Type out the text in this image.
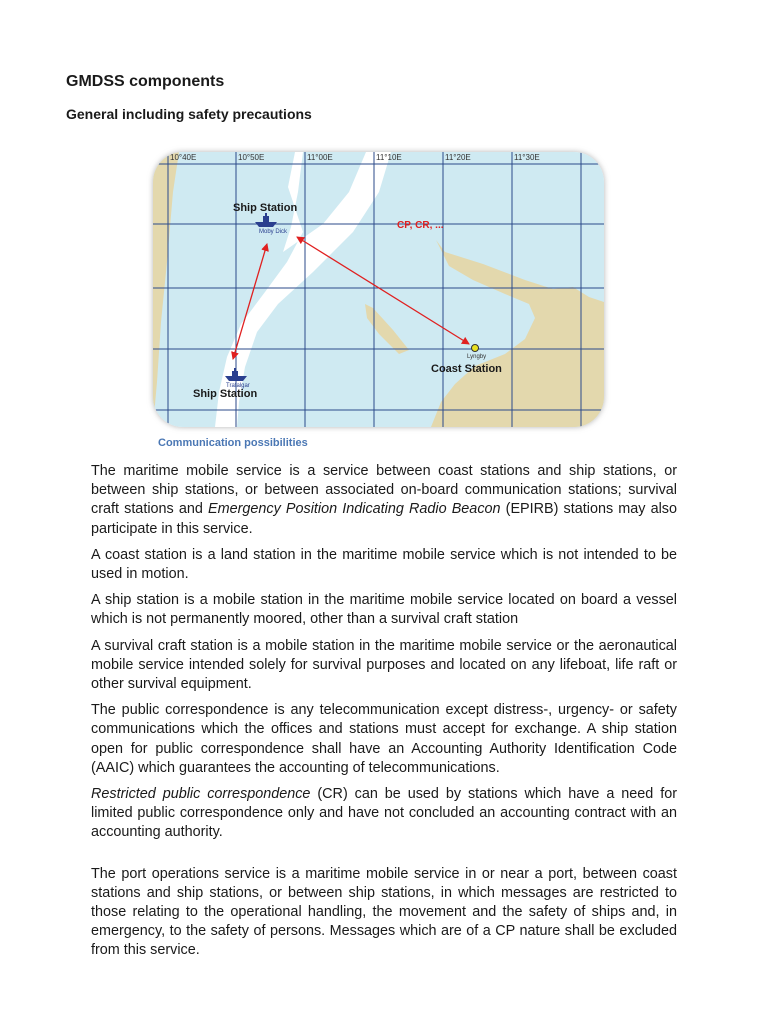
GMDSS components
General including safety precautions
10°40E	10°50E	11°00E	11°10E	11°20E	11°30E
Moby Dick
Ship Station
CP, CR, ...
Trafalgar
Ship Station
Lyngby
Coast Station
Communication possibilities

The maritime mobile service is a service between coast stations and ship stations, or between ship stations, or between associated on-board communication stations; survival craft stations and Emergency Position Indicating Radio Beacon (EPIRB) stations may also participate in this service.

A coast station is a land station in the maritime mobile service which is not intended to be used in motion.

A ship station is a mobile station in the maritime mobile service located on board a vessel which is not permanently moored, other than a survival craft station

A survival craft station is a mobile station in the maritime mobile service or the aeronautical mobile service intended solely for survival purposes and located on any lifeboat, life raft or other survival equipment.

The public correspondence is any telecommunication except distress-, urgency- or safety communications which the offices and stations must accept for exchange. A ship station open for public correspondence shall have an Accounting Authority Identification Code (AAIC) which guarantees the accounting of telecommunications.

Restricted public correspondence (CR) can be used by stations which have a need for limited public correspondence only and have not concluded an accounting contract with an accounting authority.

The port operations service is a maritime mobile service in or near a port, between coast stations and ship stations, or between ship stations, in which messages are restricted to those relating to the operational handling, the movement and the safety of ships and, in emergency, to the safety of persons. Messages which are of a CP nature shall be excluded from this service.
